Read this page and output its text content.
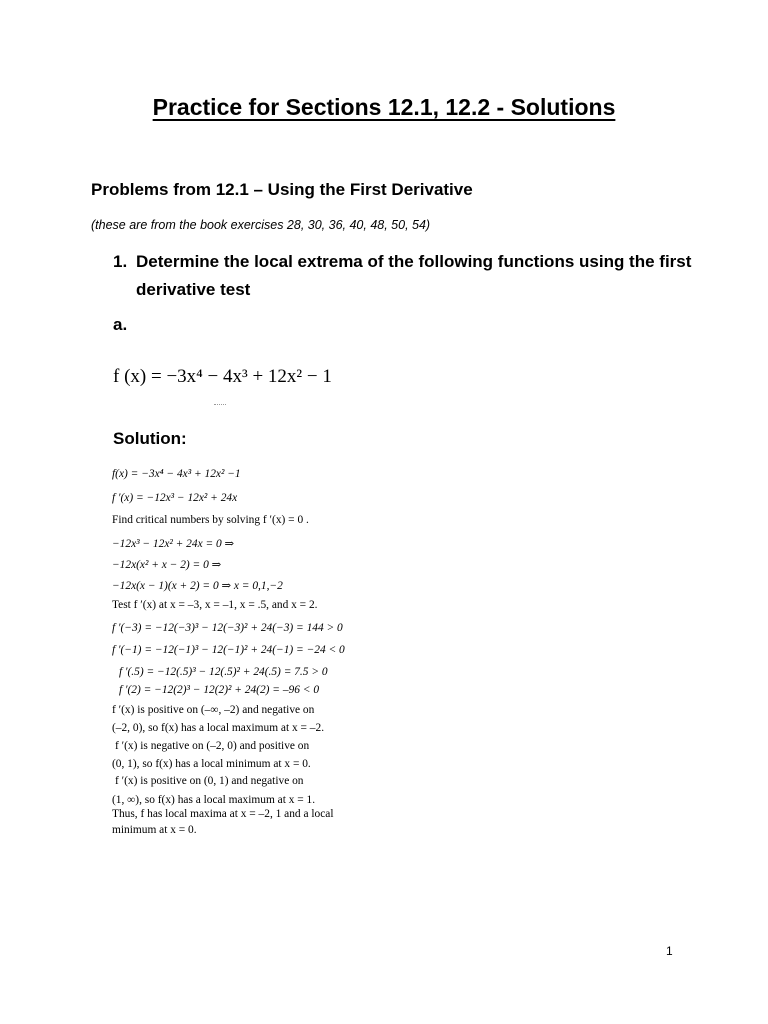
Practice for Sections 12.1, 12.2 - Solutions
Problems from 12.1 – Using the First Derivative
(these are from the book exercises 28, 30, 36, 40, 48, 50, 54)
1. Determine the local extrema of the following functions using the first derivative test
a.
f (x) = −3x⁴ − 4x³ + 12x² − 1
Solution:
f(x) = −3x⁴ − 4x³ + 12x² −1
f ′(x) = −12x³ − 12x² + 24x
Find critical numbers by solving f ′(x) = 0 .
−12x³ − 12x² + 24x = 0 ⇒
−12x(x² + x − 2) = 0 ⇒
−12x(x − 1)(x + 2) = 0 ⇒ x = 0,1,−2
Test f ′(x) at x = –3, x = –1, x = .5, and x = 2.
f ′(−3) = −12(−3)³ − 12(−3)² + 24(−3) = 144 > 0
f ′(−1) = −12(−1)³ − 12(−1)² + 24(−1) = −24 < 0
f ′(.5) = −12(.5)³ − 12(.5)² + 24(.5) = 7.5 > 0
f ′(2) = −12(2)³ − 12(2)² + 24(2) = –96 < 0
f ′(x) is positive on (–∞, –2) and negative on
(–2, 0), so f(x) has a local maximum at x = –2.
f ′(x) is negative on (–2, 0) and positive on
(0, 1), so f(x) has a local minimum at x = 0.
f ′(x) is positive on (0, 1) and negative on
(1, ∞), so f(x) has a local maximum at x = 1.
Thus, f has local maxima at x = –2, 1 and a local
minimum at x = 0.
1
